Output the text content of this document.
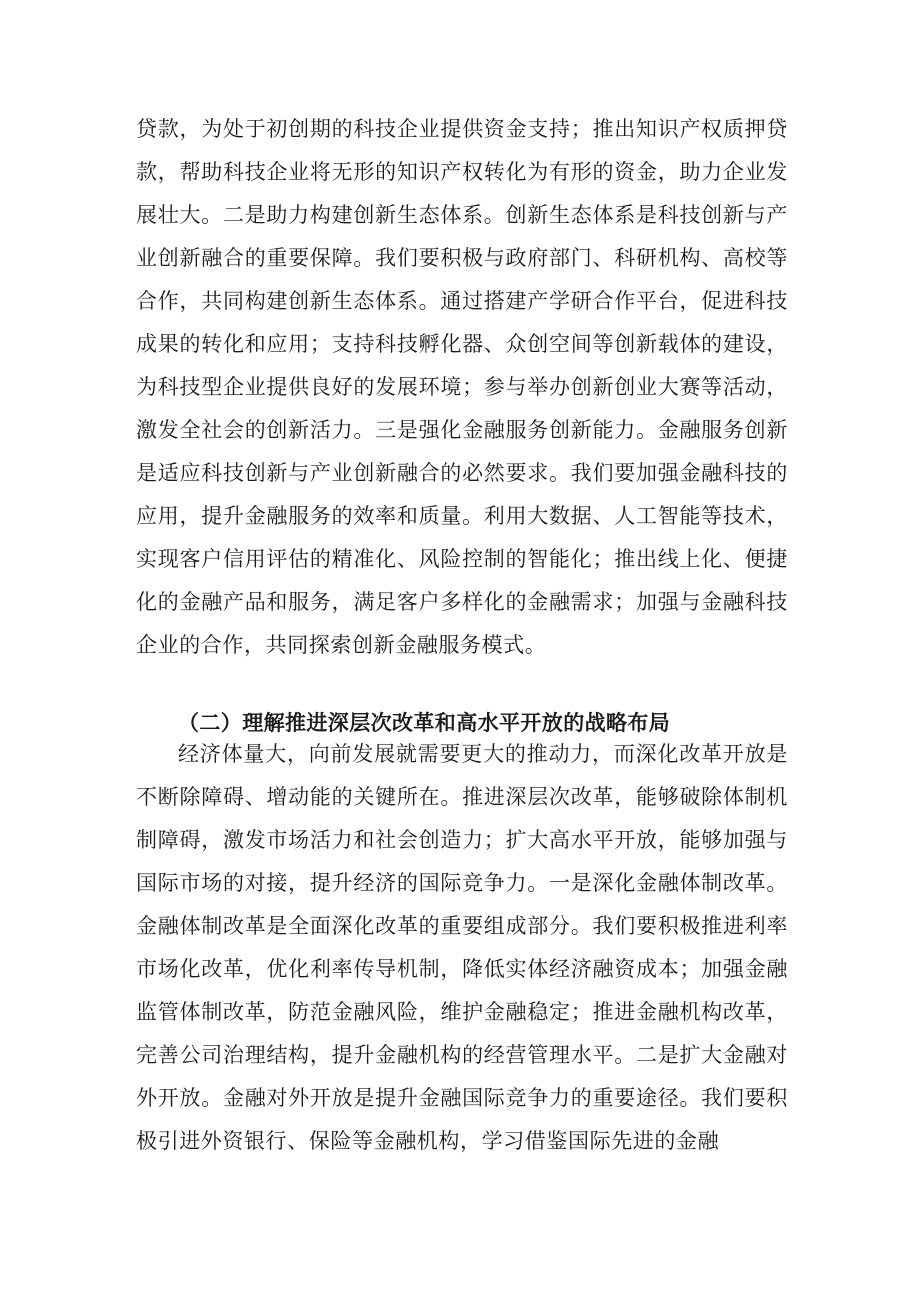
贷款，为处于初创期的科技企业提供资金支持；推出知识产权质押贷款，帮助科技企业将无形的知识产权转化为有形的资金，助力企业发展壮大。二是助力构建创新生态体系。创新生态体系是科技创新与产业创新融合的重要保障。我们要积极与政府部门、科研机构、高校等合作，共同构建创新生态体系。通过搭建产学研合作平台，促进科技成果的转化和应用；支持科技孵化器、众创空间等创新载体的建设，为科技型企业提供良好的发展环境；参与举办创新创业大赛等活动，激发全社会的创新活力。三是强化金融服务创新能力。金融服务创新是适应科技创新与产业创新融合的必然要求。我们要加强金融科技的应用，提升金融服务的效率和质量。利用大数据、人工智能等技术，实现客户信用评估的精准化、风险控制的智能化；推出线上化、便捷化的金融产品和服务，满足客户多样化的金融需求；加强与金融科技企业的合作，共同探索创新金融服务模式。

（二）理解推进深层次改革和高水平开放的战略布局

经济体量大，向前发展就需要更大的推动力，而深化改革开放是不断除障碍、增动能的关键所在。推进深层次改革，能够破除体制机制障碍，激发市场活力和社会创造力；扩大高水平开放，能够加强与国际市场的对接，提升经济的国际竞争力。一是深化金融体制改革。金融体制改革是全面深化改革的重要组成部分。我们要积极推进利率市场化改革，优化利率传导机制，降低实体经济融资成本；加强金融监管体制改革，防范金融风险，维护金融稳定；推进金融机构改革，完善公司治理结构，提升金融机构的经营管理水平。二是扩大金融对外开放。金融对外开放是提升金融国际竞争力的重要途径。我们要积极引进外资银行、保险等金融机构，学习借鉴国际先进的金融
